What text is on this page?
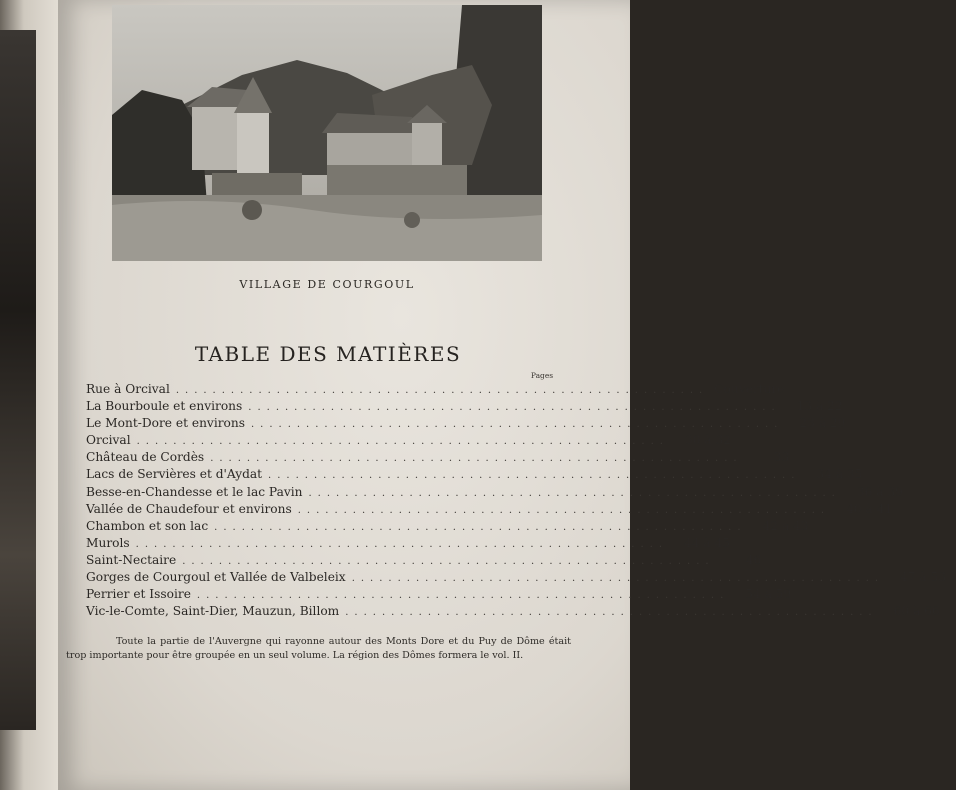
VILLAGE DE COURGOUL
TABLE DES MATIÈRES
Pages
Rue à Orcival .......................................................... Couverture
La Bourboule et environs ..........................................................	13 à 22
Le Mont-Dore et environs ..........................................................	23 à 29
Orcival ..........................................................	30 à 32
Château de Cordès ..........................................................	33
Lacs de Servières et d'Aydat ..........................................................	34 à 35
Besse-en-Chandesse et le lac Pavin ..........................................................	36 à 39
Vallée de Chaudefour et environs ..........................................................	40 à 41
Chambon et son lac ..........................................................	42 à 43
Murols ..........................................................	44 à 45
Saint-Nectaire ..........................................................	46
Gorges de Courgoul et Vallée de Valbeleix ..........................................................	47 à 53
Perrier et Issoire ..........................................................	54 à 59
Vic-le-Comte, Saint-Dier, Mauzun, Billom ..........................................................	60 à 66
Toute la partie de l'Auvergne qui rayonne autour des Monts Dore et du Puy de Dôme était trop importante pour être groupée en un seul volume. La région des Dômes formera le vol. II.
